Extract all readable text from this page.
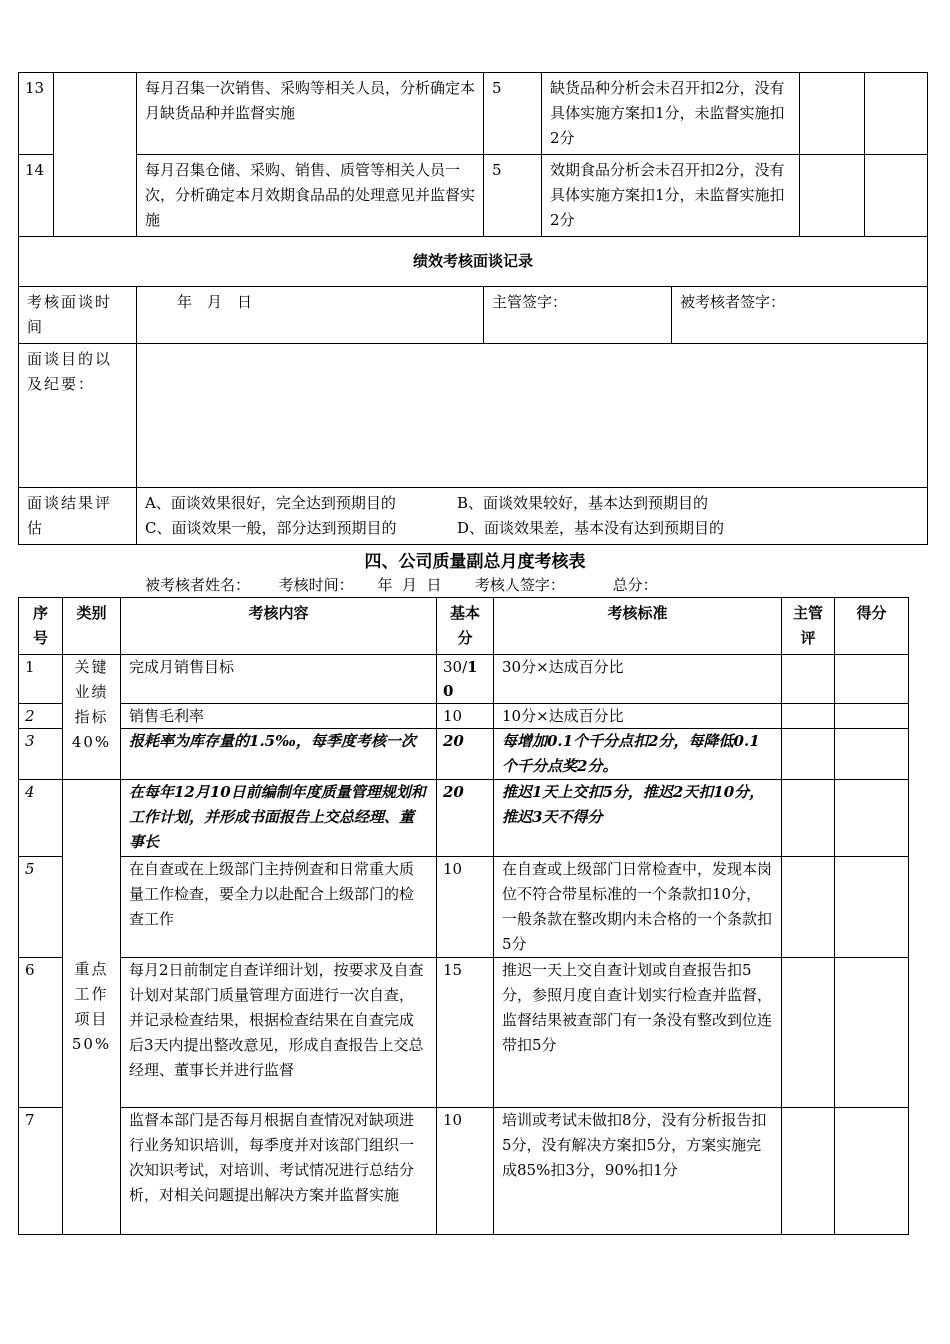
13		每月召集一次销售、采购等相关人员，分析确定本月缺货品种并监督实施	5	缺货品种分析会未召开扣2分，没有具体实施方案扣1分，未监督实施扣2分			
14		每月召集仓储、采购、销售、质管等相关人员一次，分析确定本月效期食品品的处理意见并监督实施	5	效期食品分析会未召开扣2分，没有具体实施方案扣1分，未监督实施扣2分			
绩效考核面谈记录							
考核面谈时间		年　月　日	主管签字：		被考核者签字：		
面谈目的以及纪要：							
面谈结果评估		A、面谈效果很好，完全达到预期目的 B、面谈效果较好，基本达到预期目的
C、面谈效果一般，部分达到预期目的 D、面谈效果差，基本没有达到预期目的					
四、公司质量副总月度考核表
被考核者姓名：      考核时间：     年  月  日       考核人签字：          总分：
序号	类别	考核内容	基本分	考核标准	主管评	得分
1	关键业绩指标40%	完成月销售目标	30/10	30分×达成百分比		
2		销售毛利率	10	10分×达成百分比		
3		报耗率为库存量的1.5‰，每季度考核一次	20	每增加0.1个千分点扣2分，每降低0.1个千分点奖2分。		
4	重点工作项目50%	在每年12月10日前编制年度质量管理规划和工作计划，并形成书面报告上交总经理、董事长	20	推迟1天上交扣5分，推迟2天扣10分，推迟3天不得分		
5		在自查或在上级部门主持例查和日常重大质量工作检查，要全力以赴配合上级部门的检查工作	10	在自查或上级部门日常检查中，发现本岗位不符合带星标准的一个条款扣10分，一般条款在整改期内未合格的一个条款扣5分		
6		每月2日前制定自查详细计划，按要求及自查计划对某部门质量管理方面进行一次自查，并记录检查结果，根据检查结果在自查完成后3天内提出整改意见，形成自查报告上交总经理、董事长并进行监督	15	推迟一天上交自查计划或自查报告扣5分，参照月度自查计划实行检查并监督，监督结果被查部门有一条没有整改到位连带扣5分		
7		监督本部门是否每月根据自查情况对缺项进行业务知识培训，每季度并对该部门组织一次知识考试，对培训、考试情况进行总结分析，对相关问题提出解决方案并监督实施	10	培训或考试未做扣8分，没有分析报告扣5分，没有解决方案扣5分，方案实施完成85%扣3分，90%扣1分		
